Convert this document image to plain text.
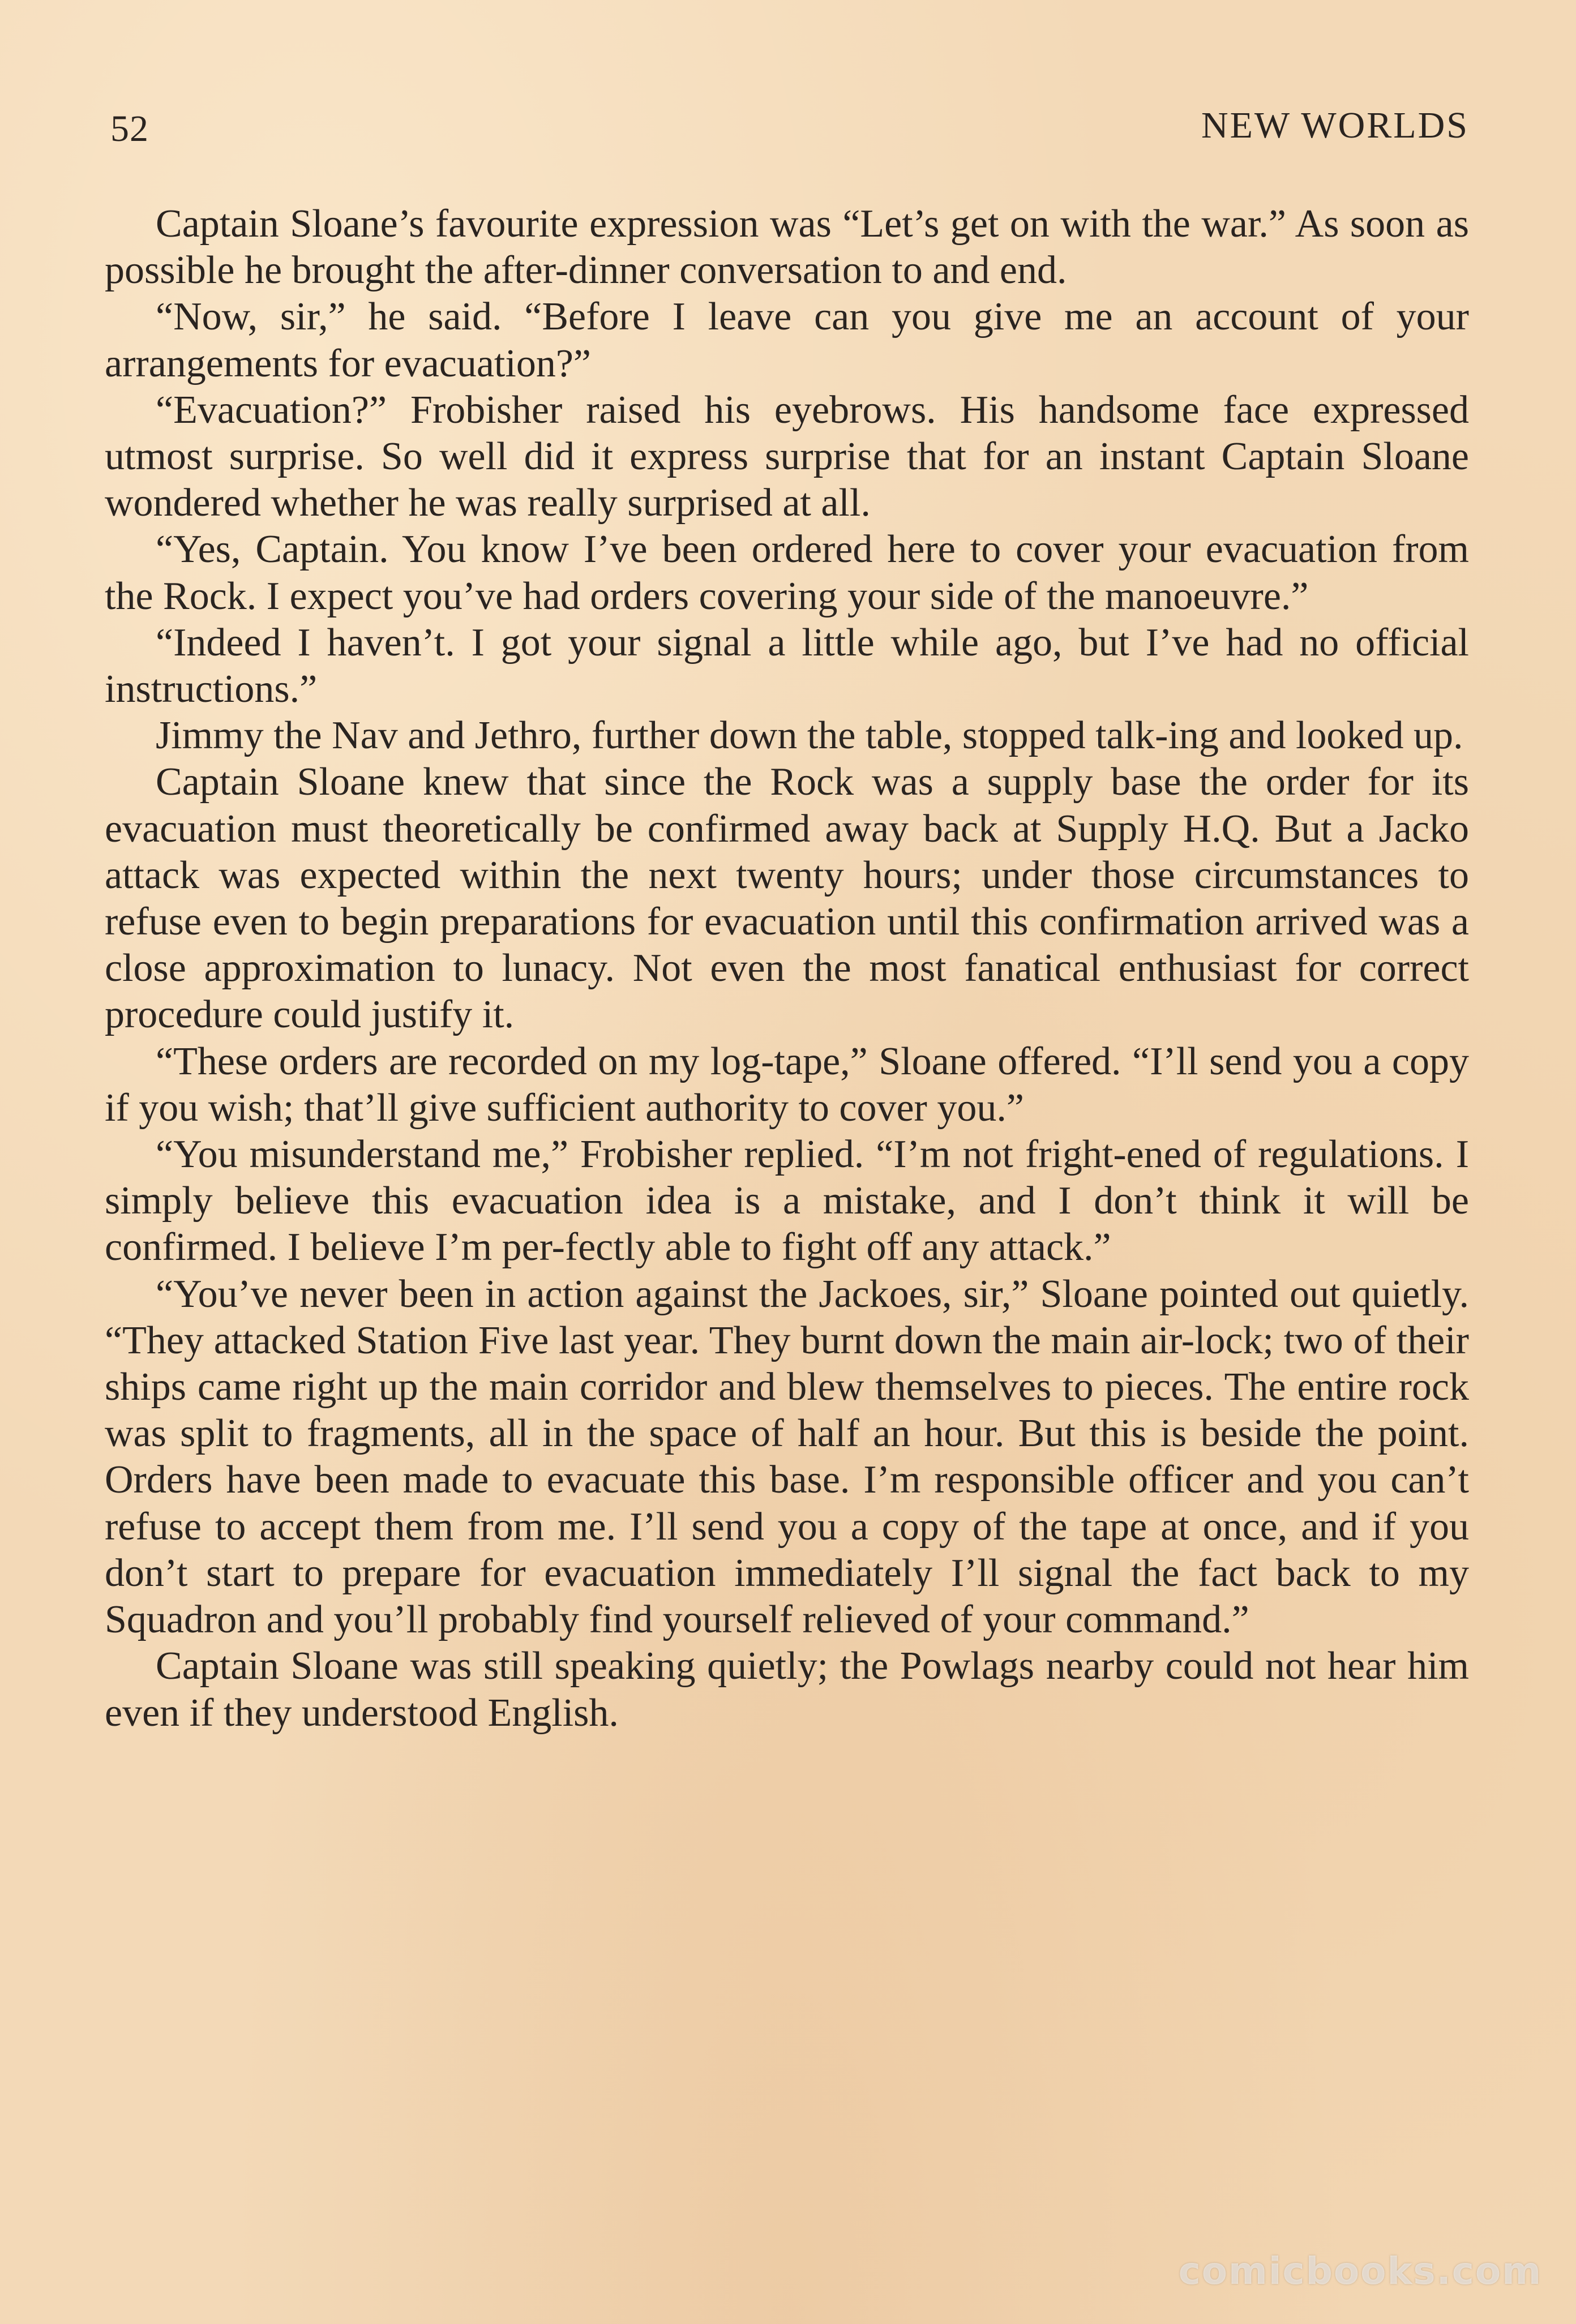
52	NEW WORLDS

Captain Sloane’s favourite expression was “Let’s get on with the war.” As soon as possible he brought the after-dinner conversation to and end.

“Now, sir,” he said. “Before I leave can you give me an account of your arrangements for evacuation?”

“Evacuation?” Frobisher raised his eyebrows. His handsome face expressed utmost surprise. So well did it express surprise that for an instant Captain Sloane wondered whether he was really surprised at all.

“Yes, Captain. You know I’ve been ordered here to cover your evacuation from the Rock. I expect you’ve had orders covering your side of the manoeuvre.”

“Indeed I haven’t. I got your signal a little while ago, but I’ve had no official instructions.”

Jimmy the Nav and Jethro, further down the table, stopped talk-ing and looked up.

Captain Sloane knew that since the Rock was a supply base the order for its evacuation must theoretically be confirmed away back at Supply H.Q. But a Jacko attack was expected within the next twenty hours; under those circumstances to refuse even to begin preparations for evacuation until this confirmation arrived was a close approximation to lunacy. Not even the most fanatical enthusiast for correct procedure could justify it.

“These orders are recorded on my log-tape,” Sloane offered. “I’ll send you a copy if you wish; that’ll give sufficient authority to cover you.”

“You misunderstand me,” Frobisher replied. “I’m not fright-ened of regulations. I simply believe this evacuation idea is a mistake, and I don’t think it will be confirmed. I believe I’m per-fectly able to fight off any attack.”

“You’ve never been in action against the Jackoes, sir,” Sloane pointed out quietly. “They attacked Station Five last year. They burnt down the main air-lock; two of their ships came right up the main corridor and blew themselves to pieces. The entire rock was split to fragments, all in the space of half an hour. But this is beside the point. Orders have been made to evacuate this base. I’m responsible officer and you can’t refuse to accept them from me. I’ll send you a copy of the tape at once, and if you don’t start to prepare for evacuation immediately I’ll signal the fact back to my Squadron and you’ll probably find yourself relieved of your command.”

Captain Sloane was still speaking quietly; the Powlags nearby could not hear him even if they understood English.

comicbooks.com
